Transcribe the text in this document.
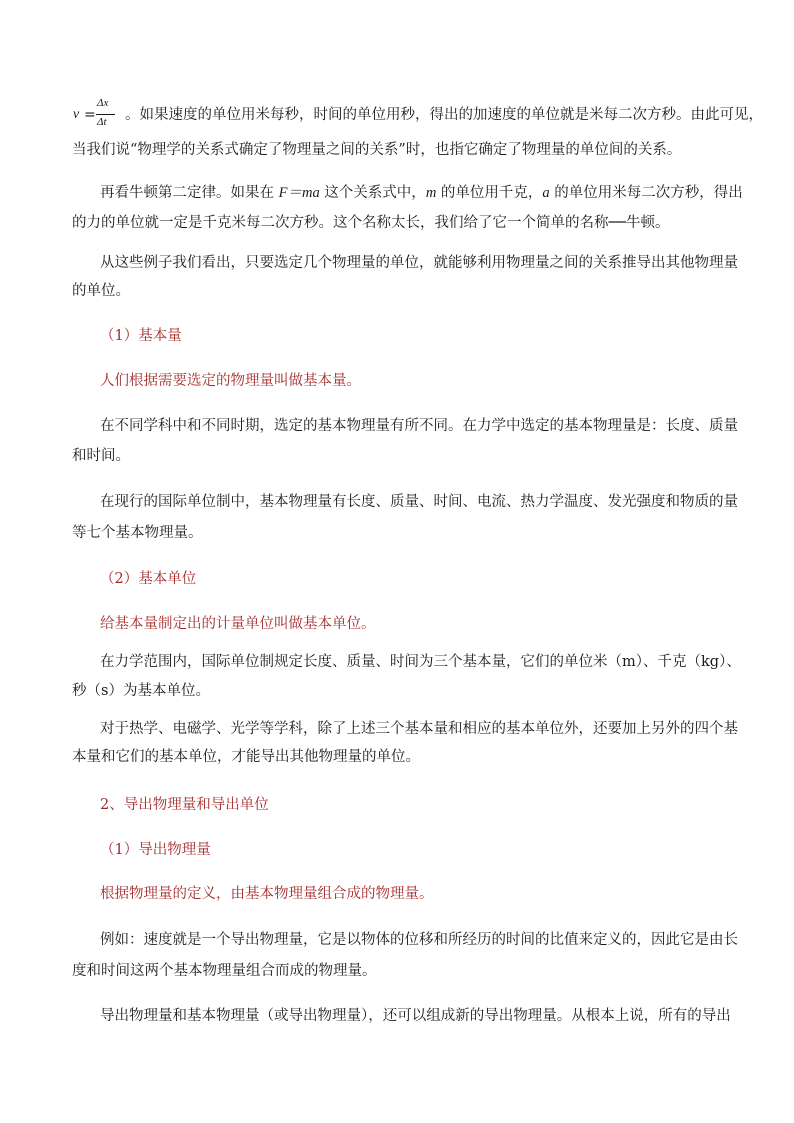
v =
Δx
Δt 。如果速度的单位用米每秒，时间的单位用秒，得出的加速度的单位就是米每二次方秒。由此可见，
当我们说“物理学的关系式确定了物理量之间的关系”时，也指它确定了物理量的单位间的关系。
再看牛顿第二定律。如果在 F＝ma 这个关系式中，m 的单位用千克，a 的单位用米每二次方秒，得出
的力的单位就一定是千克米每二次方秒。这个名称太长，我们给了它一个简单的名称──牛顿。
从这些例子我们看出，只要选定几个物理量的单位，就能够利用物理量之间的关系推导出其他物理量
的单位。
（1）基本量
人们根据需要选定的物理量叫做基本量。
在不同学科中和不同时期，选定的基本物理量有所不同。在力学中选定的基本物理量是：长度、质量
和时间。
在现行的国际单位制中，基本物理量有长度、质量、时间、电流、热力学温度、发光强度和物质的量
等七个基本物理量。
（2）基本单位
给基本量制定出的计量单位叫做基本单位。
在力学范围内，国际单位制规定长度、质量、时间为三个基本量，它们的单位米（m）、千克（kg）、
秒（s）为基本单位。
对于热学、电磁学、光学等学科，除了上述三个基本量和相应的基本单位外，还要加上另外的四个基
本量和它们的基本单位，才能导出其他物理量的单位。
2、导出物理量和导出单位
（1）导出物理量
根据物理量的定义，由基本物理量组合成的物理量。
例如：速度就是一个导出物理量，它是以物体的位移和所经历的时间的比值来定义的，因此它是由长
度和时间这两个基本物理量组合而成的物理量。
导出物理量和基本物理量（或导出物理量），还可以组成新的导出物理量。从根本上说，所有的导出
